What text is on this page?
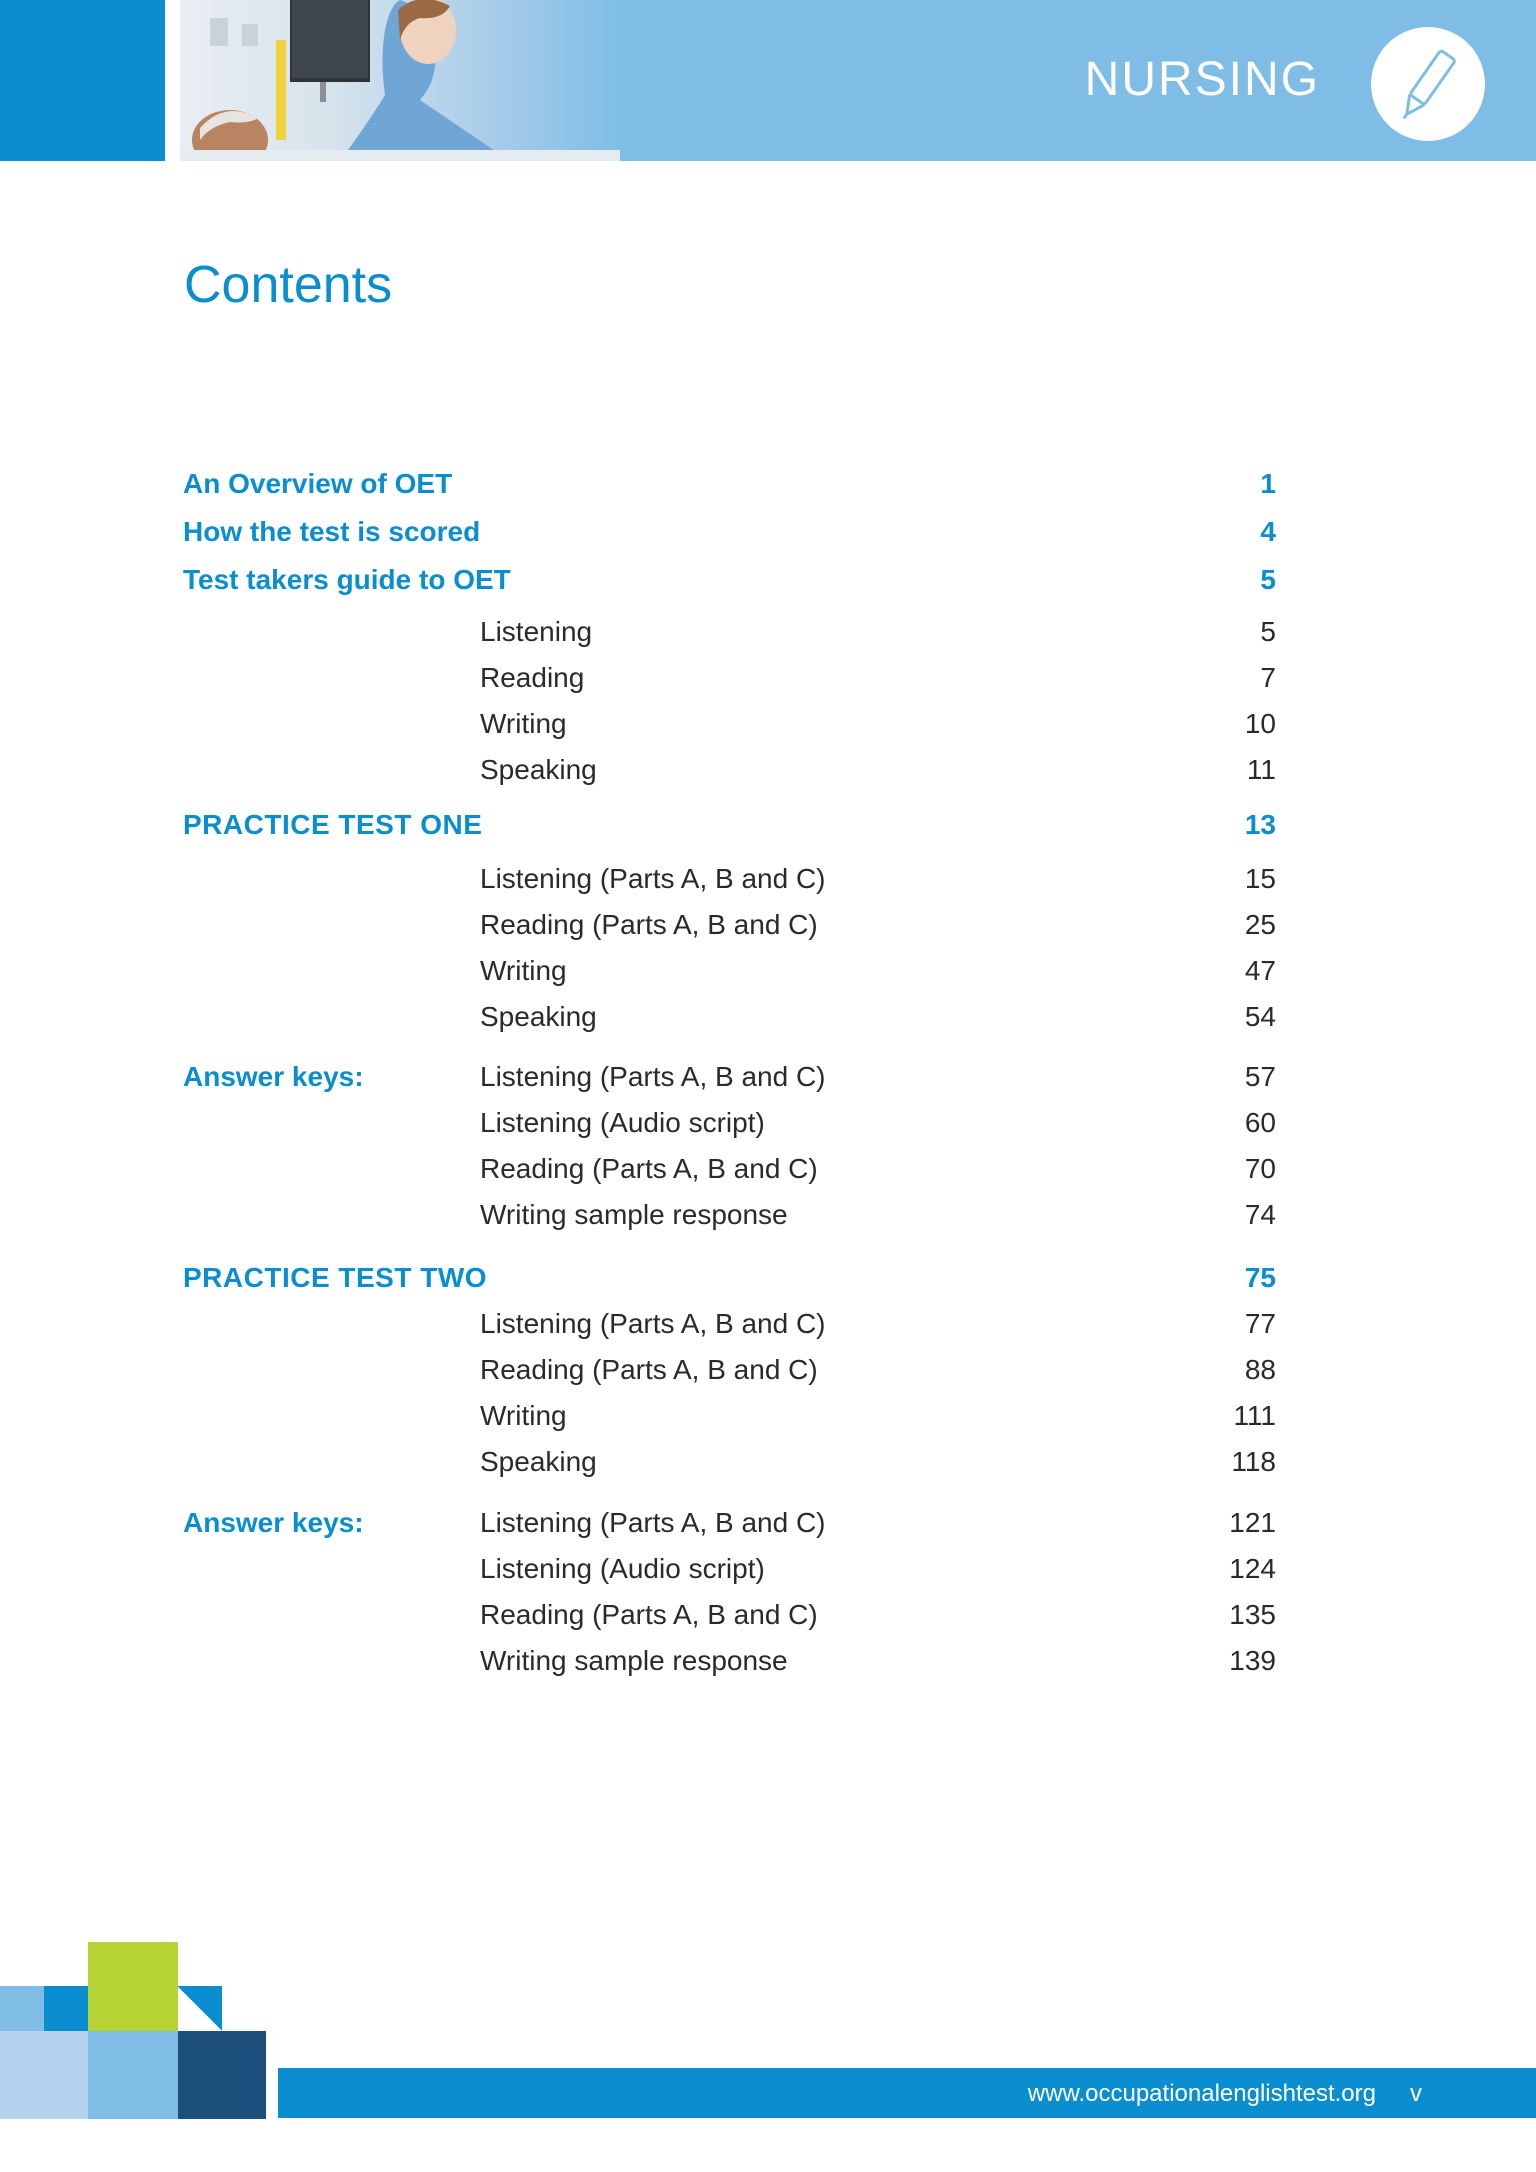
NURSING
Contents
An Overview of OET	1
How the test is scored	4
Test takers guide to OET	5
Listening	5
Reading	7
Writing	10
Speaking	11
PRACTICE TEST ONE	13
Listening (Parts A, B and C)	15
Reading (Parts A, B and C)	25
Writing	47
Speaking	54
Answer keys:	Listening (Parts A, B and C)	57
Listening (Audio script)	60
Reading (Parts A, B and C)	70
Writing sample response	74
PRACTICE TEST TWO	75
Listening (Parts A, B and C)	77
Reading (Parts A, B and C)	88
Writing	111
Speaking	118
Answer keys:	Listening (Parts A, B and C)	121
Listening (Audio script)	124
Reading (Parts A, B and C)	135
Writing sample response	139
www.occupationalenglishtest.org v
